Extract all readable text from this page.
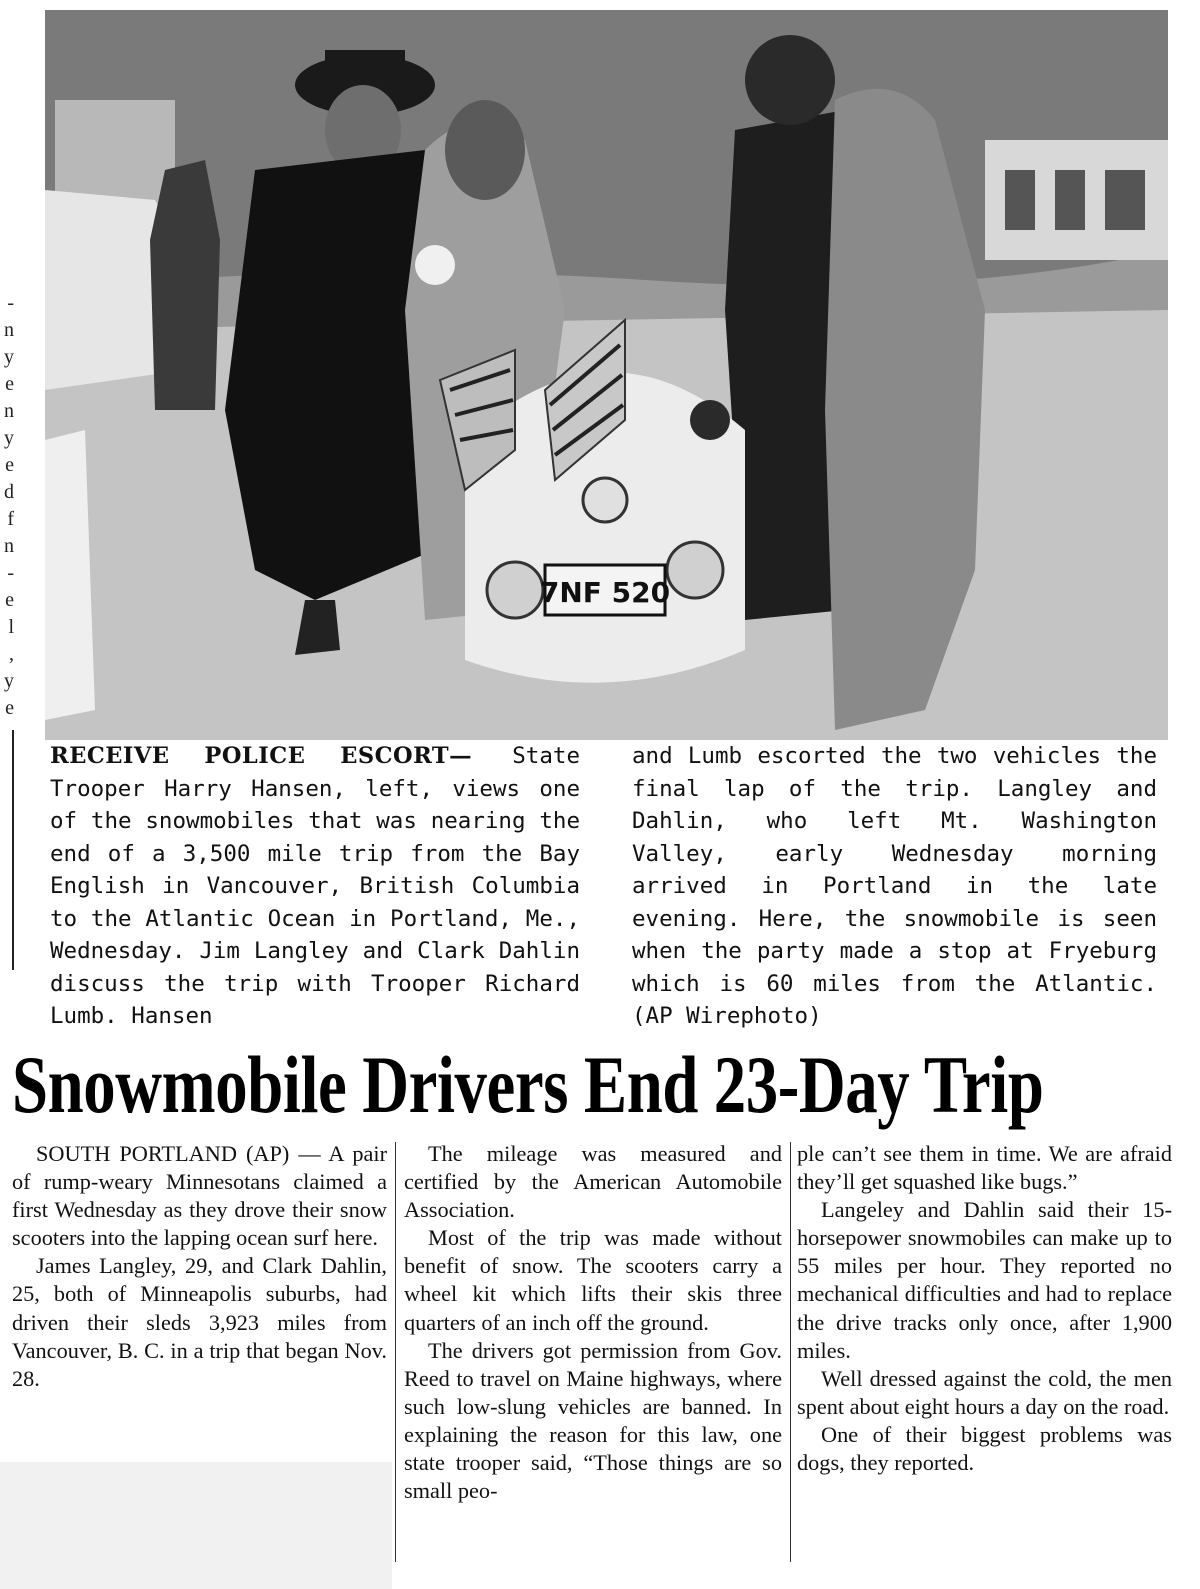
-
n
y
e
n
y
e
d
f
n
-
e
l
,
y
e
7NF 520
RECEIVE POLICE ESCORT— State Trooper Harry Hansen, left, views one of the snowmobiles that was nearing the end of a 3,500 mile trip from the Bay English in Vancouver, British Columbia to the Atlantic Ocean in Portland, Me., Wednesday. Jim Langley and Clark Dahlin discuss the trip with Trooper Richard Lumb. Hansen
and Lumb escorted the two vehicles the final lap of the trip. Langley and Dahlin, who left Mt. Washington Valley, early Wednesday morning arrived in Portland in the late evening. Here, the snowmobile is seen when the party made a stop at Fryeburg which is 60 miles from the Atlantic. (AP Wirephoto)
Snowmobile Drivers End 23-Day Trip

SOUTH PORTLAND (AP) — A pair of rump-weary Minnesotans claimed a first Wednesday as they drove their snow scooters into the lapping ocean surf here.

James Langley, 29, and Clark Dahlin, 25, both of Minneapolis suburbs, had driven their sleds 3,923 miles from Vancouver, B. C. in a trip that began Nov. 28.

The mileage was measured and certified by the American Automobile Association.

Most of the trip was made without benefit of snow. The scooters carry a wheel kit which lifts their skis three quarters of an inch off the ground.

The drivers got permission from Gov. Reed to travel on Maine highways, where such low-slung vehicles are banned. In explaining the reason for this law, one state trooper said, “Those things are so small peo-

ple can’t see them in time. We are afraid they’ll get squashed like bugs.”

Langeley and Dahlin said their 15-horsepower snowmobiles can make up to 55 miles per hour. They reported no mechanical difficulties and had to replace the drive tracks only once, after 1,900 miles.

Well dressed against the cold, the men spent about eight hours a day on the road.

One of their biggest problems was dogs, they reported.
